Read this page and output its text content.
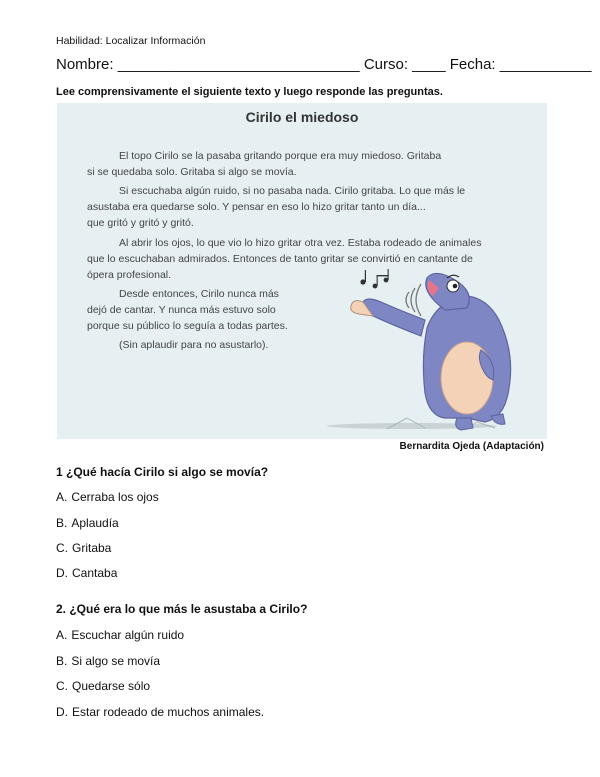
Habilidad: Localizar Información
Nombre: _____________________________ Curso: ____ Fecha: ___________
Lee comprensivamente el siguiente texto y luego responde las preguntas.
Cirilo el miedoso

El topo Cirilo se la pasaba gritando porque era muy miedoso. Gritaba

si se quedaba solo. Gritaba si algo se movía.

Si escuchaba algún ruido, si no pasaba nada. Cirilo gritaba. Lo que más le

asustaba era quedarse solo. Y pensar en eso lo hizo gritar tanto un día...

que gritó y gritó y gritó.

Al abrir los ojos, lo que vio lo hizo gritar otra vez. Estaba rodeado de animales

que lo escuchaban admirados. Entonces de tanto gritar se convirtió en cantante de

ópera profesional.

Desde entonces, Cirilo nunca más

dejó de cantar. Y nunca más estuvo solo

porque su público lo seguía a todas partes.

(Sin aplaudir para no asustarlo).

Bernardita Ojeda (Adaptación)
1 ¿Qué hacía Cirilo si algo se movía?
A. Cerraba los ojos
B. Aplaudía
C. Gritaba
D. Cantaba
2. ¿Qué era lo que más le asustaba a Cirilo?
A. Escuchar algún ruido
B. Si algo se movía
C. Quedarse sólo
D. Estar rodeado de muchos animales.
